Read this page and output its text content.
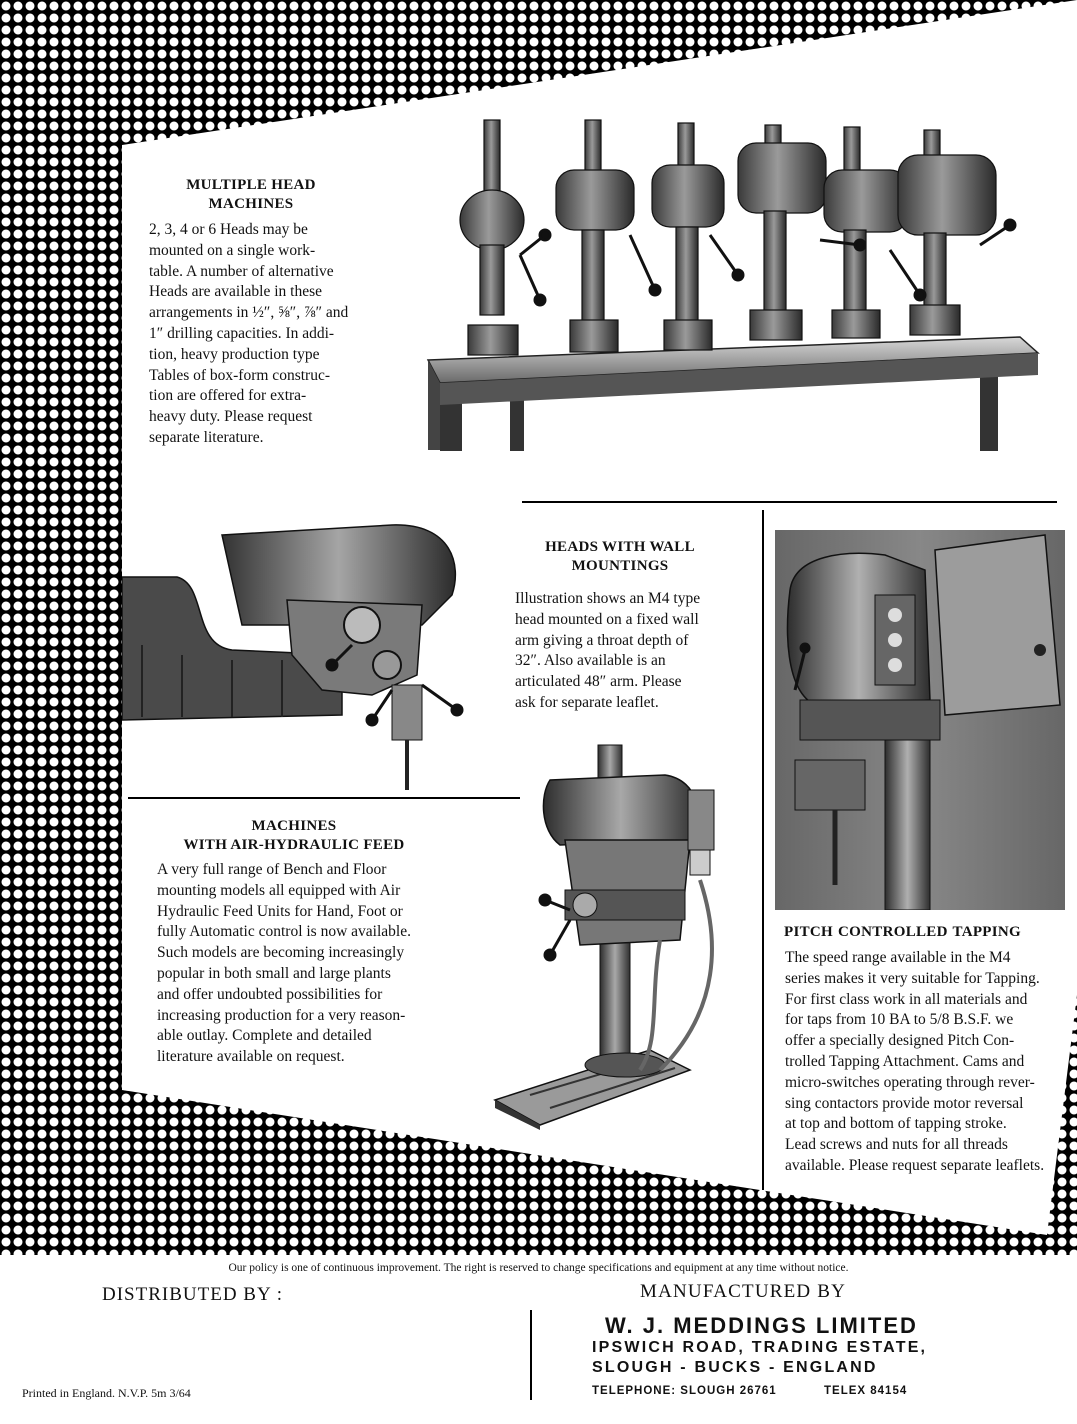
MULTIPLE HEAD
MACHINES
2, 3, 4 or 6 Heads may be
mounted on a single work-
table. A number of alternative
Heads are available in these
arrangements in ½″, ⅝″, ⅞″ and
1″ drilling capacities. In addi-
tion, heavy production type
Tables of box-form construc-
tion are offered for extra-
heavy duty. Please request
separate literature.
HEADS WITH WALL
MOUNTINGS
Illustration shows an M4 type
head mounted on a fixed wall
arm giving a throat depth of
32″. Also available is an
articulated 48″ arm. Please
ask for separate leaflet.
MACHINES
WITH AIR-HYDRAULIC FEED
A very full range of Bench and Floor
mounting models all equipped with Air
Hydraulic Feed Units for Hand, Foot or
fully Automatic control is now available.
Such models are becoming increasingly
popular in both small and large plants
and offer undoubted possibilities for
increasing production for a very reason-
able outlay. Complete and detailed
literature available on request.
PITCH CONTROLLED TAPPING
The speed range available in the M4
series makes it very suitable for Tapping.
For first class work in all materials and
for taps from 10 BA to 5/8 B.S.F. we
offer a specially designed Pitch Con-
trolled Tapping Attachment. Cams and
micro-switches operating through rever-
sing contactors provide motor reversal
at top and bottom of tapping stroke.
Lead screws and nuts for all threads
available. Please request separate leaflets.
Our policy is one of continuous improvement. The right is reserved to change specifications and equipment at any time without notice.
DISTRIBUTED BY :
Printed in England. N.V.P. 5m 3/64
MANUFACTURED BY
W. J. MEDDINGS LIMITED
IPSWICH ROAD, TRADING ESTATE,
SLOUGH - BUCKS - ENGLAND
TELEPHONE: SLOUGH 26761	TELEX 84154
